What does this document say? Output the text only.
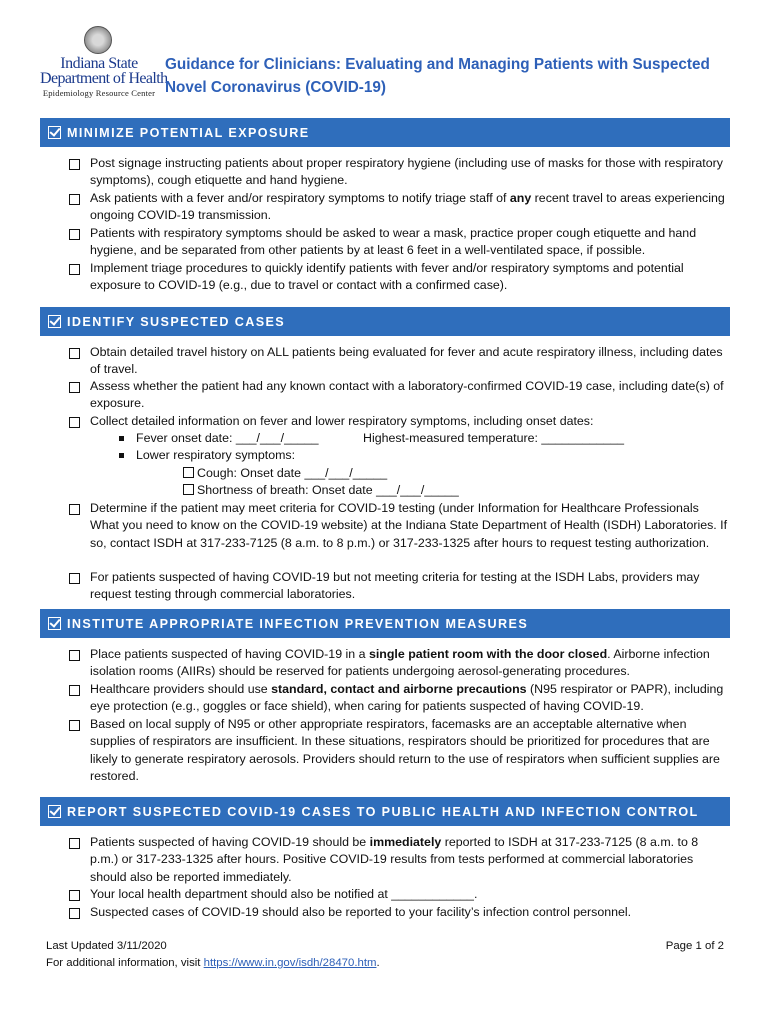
Indiana State
Department of Health
Epidemiology Resource Center
Guidance for Clinicians: Evaluating and Managing Patients with Suspected Novel Coronavirus (COVID-19)
MINIMIZE POTENTIAL EXPOSURE
Post signage instructing patients about proper respiratory hygiene (including use of masks for those with respiratory symptoms), cough etiquette and hand hygiene.
Ask patients with a fever and/or respiratory symptoms to notify triage staff of any recent travel to areas experiencing ongoing COVID-19 transmission.
Patients with respiratory symptoms should be asked to wear a mask, practice proper cough etiquette and hand hygiene, and be separated from other patients by at least 6 feet in a well-ventilated space, if possible.
Implement triage procedures to quickly identify patients with fever and/or respiratory symptoms and potential exposure to COVID-19 (e.g., due to travel or contact with a confirmed case).
IDENTIFY SUSPECTED CASES
Obtain detailed travel history on ALL patients being evaluated for fever and acute respiratory illness, including dates of travel.
Assess whether the patient had any known contact with a laboratory-confirmed COVID-19 case, including date(s) of exposure.
Collect detailed information on fever and lower respiratory symptoms, including onset dates:
Fever onset date: ___/___/_____	Highest-measured temperature: ____________
Lower respiratory symptoms:
Cough: Onset date ___/___/_____
Shortness of breath: Onset date ___/___/_____
Determine if the patient may meet criteria for COVID-19 testing (under Information for Healthcare Professionals What you need to know on the COVID-19 website) at the Indiana State Department of Health (ISDH) Laboratories. If so, contact ISDH at 317-233-7125 (8 a.m. to 8 p.m.) or 317-233-1325 after hours to request testing authorization.
For patients suspected of having COVID-19 but not meeting criteria for testing at the ISDH Labs, providers may request testing through commercial laboratories.
INSTITUTE APPROPRIATE INFECTION PREVENTION MEASURES
Place patients suspected of having COVID-19 in a single patient room with the door closed. Airborne infection isolation rooms (AIIRs) should be reserved for patients undergoing aerosol-generating procedures.
Healthcare providers should use standard, contact and airborne precautions (N95 respirator or PAPR), including eye protection (e.g., goggles or face shield), when caring for patients suspected of having COVID-19.
Based on local supply of N95 or other appropriate respirators, facemasks are an acceptable alternative when supplies of respirators are insufficient. In these situations, respirators should be prioritized for procedures that are likely to generate respiratory aerosols. Providers should return to the use of respirators when sufficient supplies are restored.
REPORT SUSPECTED COVID-19 CASES TO PUBLIC HEALTH AND INFECTION CONTROL
Patients suspected of having COVID-19 should be immediately reported to ISDH at 317-233-7125 (8 a.m. to 8 p.m.) or 317-233-1325 after hours. Positive COVID-19 results from tests performed at commercial laboratories should also be reported immediately.
Your local health department should also be notified at ____________.
Suspected cases of COVID-19 should also be reported to your facility’s infection control personnel.
Last Updated 3/11/2020
For additional information, visit https://www.in.gov/isdh/28470.htm.
Page 1 of 2
